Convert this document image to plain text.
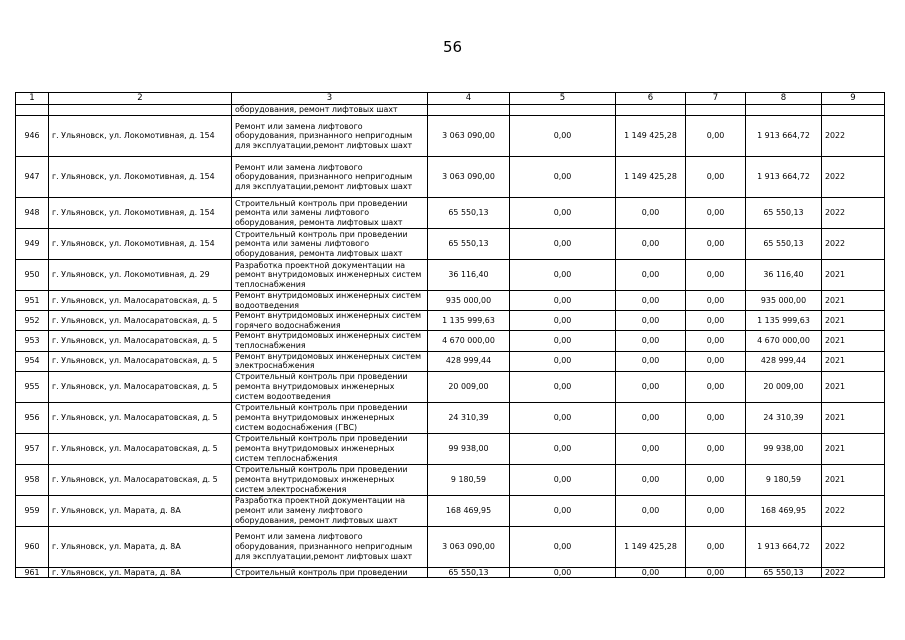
56
1	2	3	4	5	6	7	8	9
		оборудования, ремонт лифтовых шахт						
946	г. Ульяновск, ул. Локомотивная, д. 154	Ремонт или замена лифтового оборудования, признанного непригодным для эксплуатации,ремонт лифтовых шахт	3 063 090,00	0,00	1 149 425,28	0,00	1 913 664,72	2022
947	г. Ульяновск, ул. Локомотивная, д. 154	Ремонт или замена лифтового оборудования, признанного непригодным для эксплуатации,ремонт лифтовых шахт	3 063 090,00	0,00	1 149 425,28	0,00	1 913 664,72	2022
948	г. Ульяновск, ул. Локомотивная, д. 154	Строительный контроль при проведении ремонта или замены лифтового оборудования, ремонта лифтовых шахт	65 550,13	0,00	0,00	0,00	65 550,13	2022
949	г. Ульяновск, ул. Локомотивная, д. 154	Строительный контроль при проведении ремонта или замены лифтового оборудования, ремонта лифтовых шахт	65 550,13	0,00	0,00	0,00	65 550,13	2022
950	г. Ульяновск, ул. Локомотивная, д. 29	Разработка проектной документации на ремонт внутридомовых инженерных систем теплоснабжения	36 116,40	0,00	0,00	0,00	36 116,40	2021
951	г. Ульяновск, ул. Малосаратовская, д. 5	Ремонт внутридомовых инженерных систем водоотведения	935 000,00	0,00	0,00	0,00	935 000,00	2021
952	г. Ульяновск, ул. Малосаратовская, д. 5	Ремонт внутридомовых инженерных систем горячего водоснабжения	1 135 999,63	0,00	0,00	0,00	1 135 999,63	2021
953	г. Ульяновск, ул. Малосаратовская, д. 5	Ремонт внутридомовых инженерных систем теплоснабжения	4 670 000,00	0,00	0,00	0,00	4 670 000,00	2021
954	г. Ульяновск, ул. Малосаратовская, д. 5	Ремонт внутридомовых инженерных систем электроснабжения	428 999,44	0,00	0,00	0,00	428 999,44	2021
955	г. Ульяновск, ул. Малосаратовская, д. 5	Строительный контроль при проведении ремонта внутридомовых инженерных систем водоотведения	20 009,00	0,00	0,00	0,00	20 009,00	2021
956	г. Ульяновск, ул. Малосаратовская, д. 5	Строительный контроль при проведении ремонта внутридомовых инженерных систем водоснабжения (ГВС)	24 310,39	0,00	0,00	0,00	24 310,39	2021
957	г. Ульяновск, ул. Малосаратовская, д. 5	Строительный контроль при проведении ремонта внутридомовых инженерных систем теплоснабжения	99 938,00	0,00	0,00	0,00	99 938,00	2021
958	г. Ульяновск, ул. Малосаратовская, д. 5	Строительный контроль при проведении ремонта внутридомовых инженерных систем электроснабжения	9 180,59	0,00	0,00	0,00	9 180,59	2021
959	г. Ульяновск, ул. Марата, д. 8А	Разработка проектной документации на ремонт или замену лифтового оборудования, ремонт лифтовых шахт	168 469,95	0,00	0,00	0,00	168 469,95	2022
960	г. Ульяновск, ул. Марата, д. 8А	Ремонт или замена лифтового оборудования, признанного непригодным для эксплуатации,ремонт лифтовых шахт	3 063 090,00	0,00	1 149 425,28	0,00	1 913 664,72	2022
961	г. Ульяновск, ул. Марата, д. 8А	Строительный контроль при проведении	65 550,13	0,00	0,00	0,00	65 550,13	2022
